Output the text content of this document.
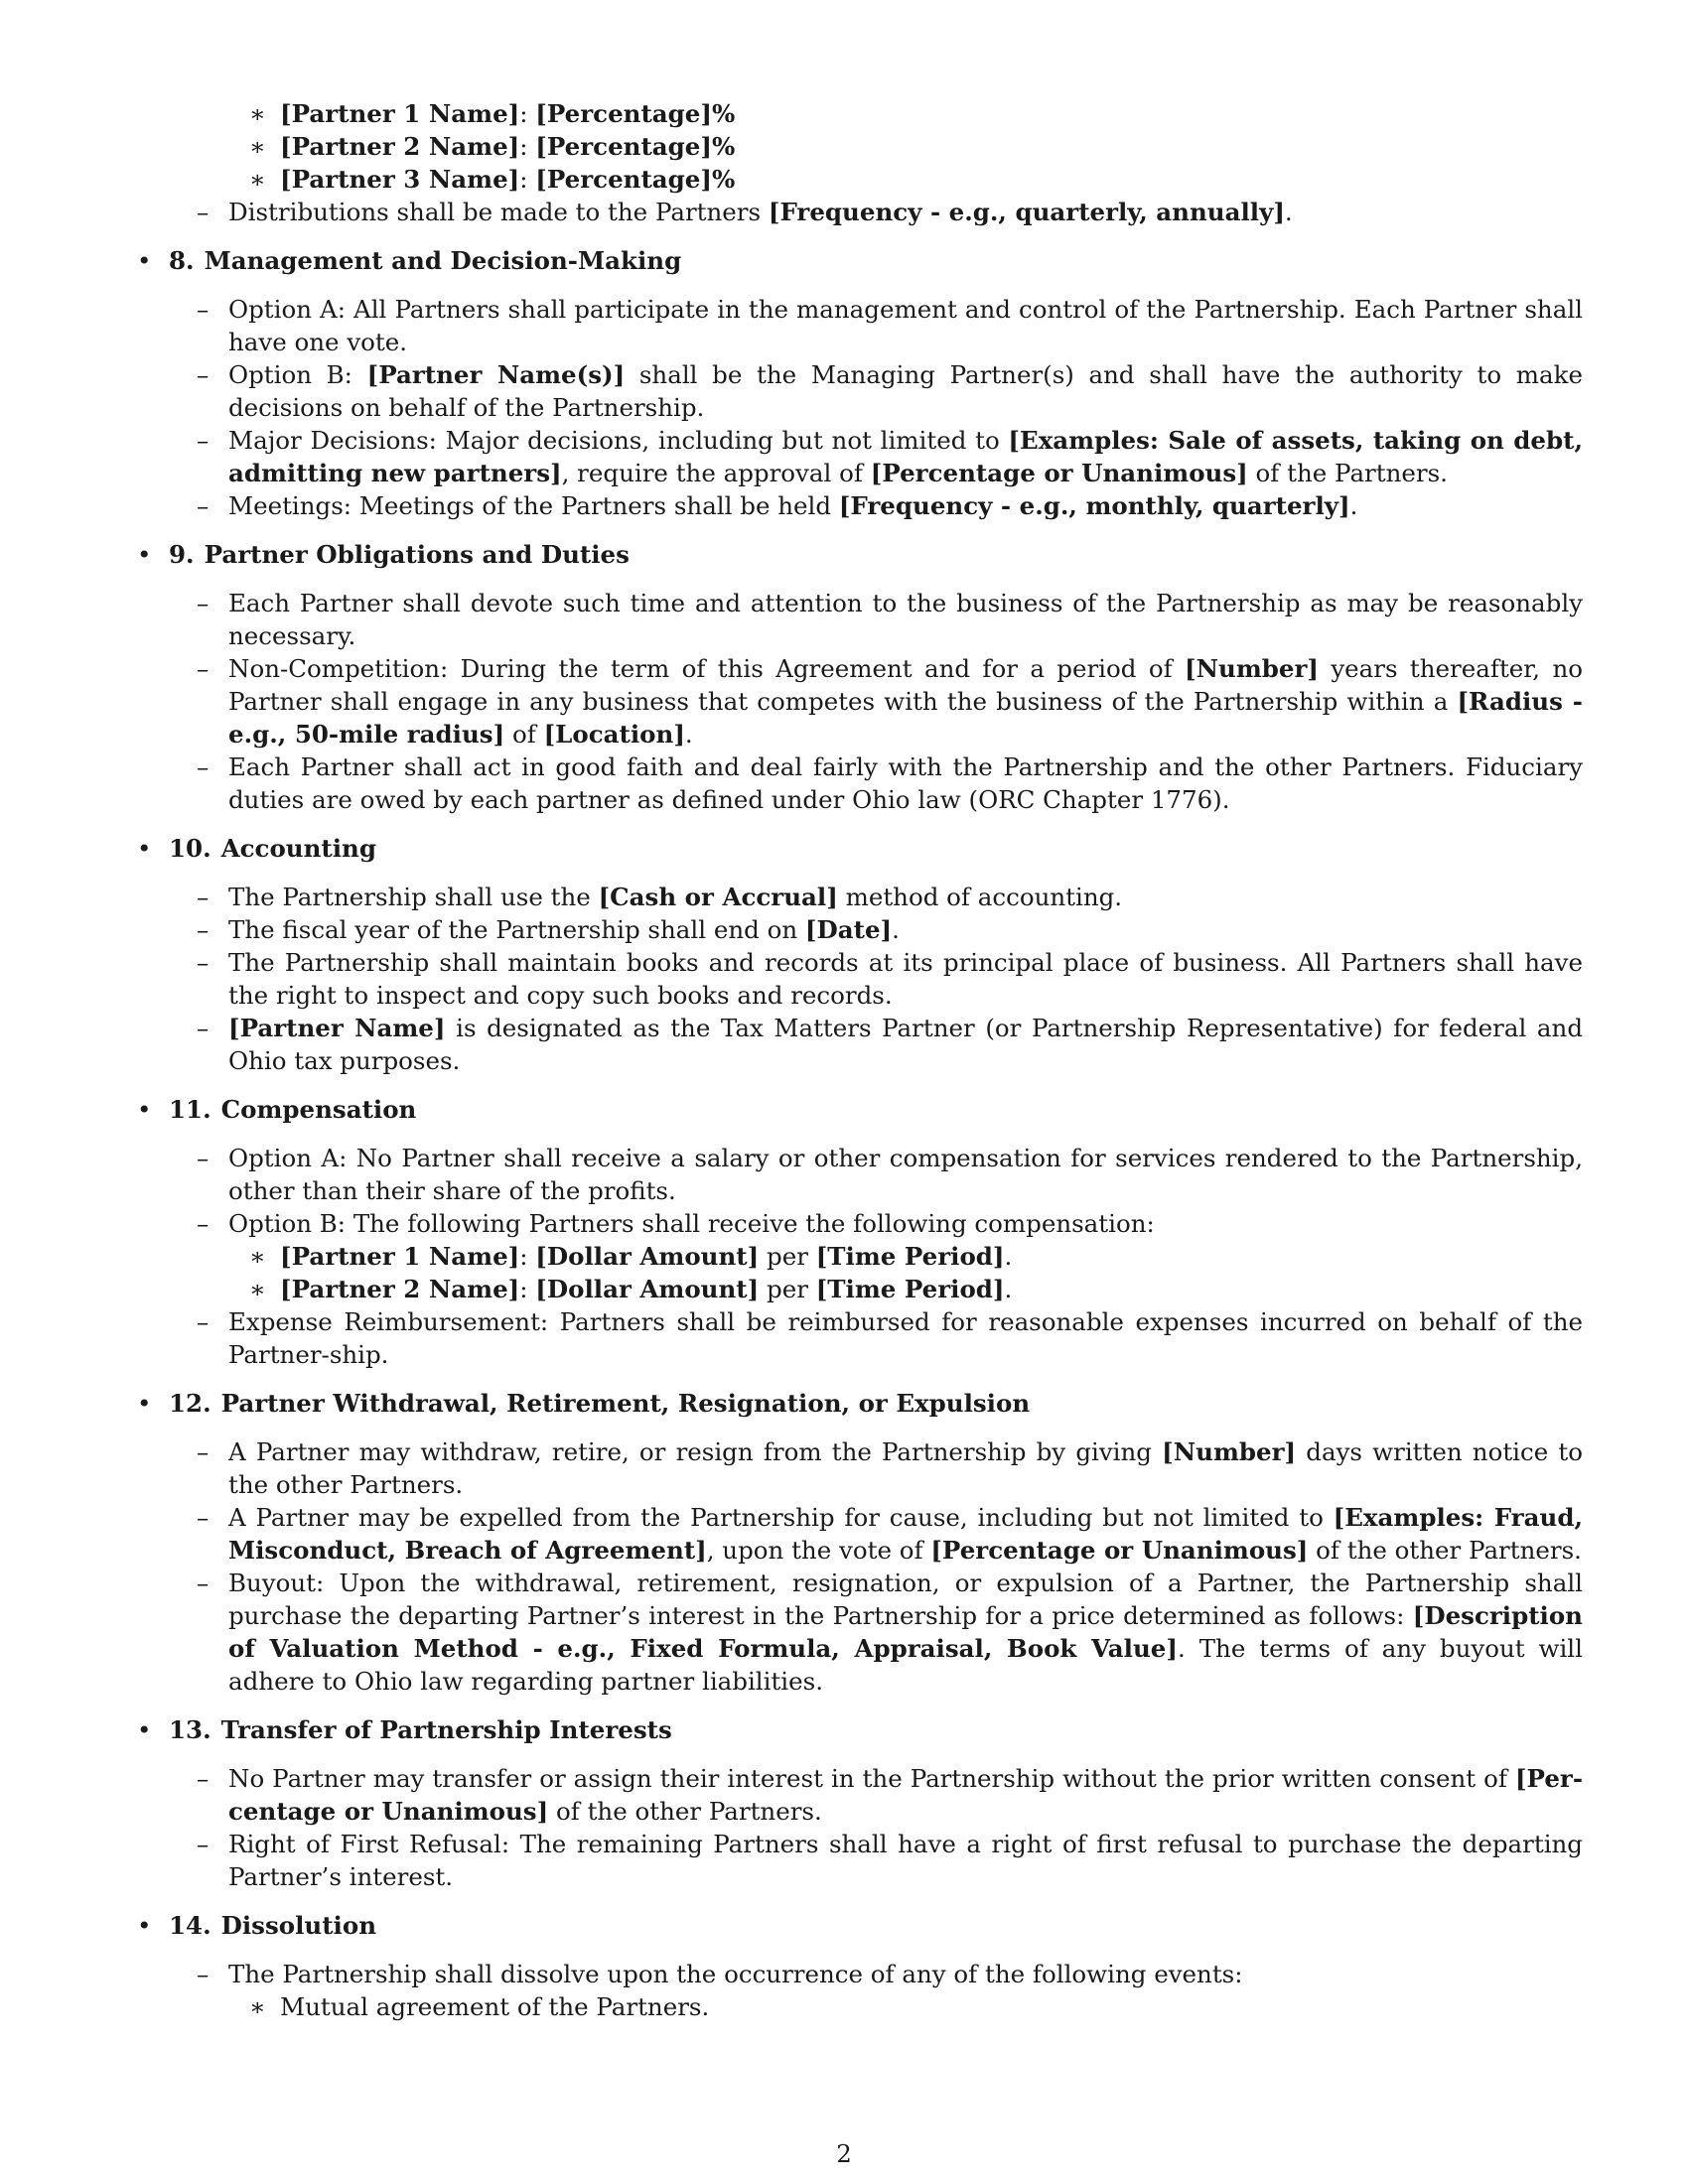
∗ [Partner 1 Name]: [Percentage]%
∗ [Partner 2 Name]: [Percentage]%
∗ [Partner 3 Name]: [Percentage]%
– Distributions shall be made to the Partners [Frequency - e.g., quarterly, annually].
• 8. Management and Decision-Making
– Option A: All Partners shall participate in the management and control of the Partnership. Each Partner shall have one vote.
– Option B: [Partner Name(s)] shall be the Managing Partner(s) and shall have the authority to make decisions on behalf of the Partnership.
– Major Decisions: Major decisions, including but not limited to [Examples: Sale of assets, taking on debt, admitting new partners], require the approval of [Percentage or Unanimous] of the Partners.
– Meetings: Meetings of the Partners shall be held [Frequency - e.g., monthly, quarterly].
• 9. Partner Obligations and Duties
– Each Partner shall devote such time and attention to the business of the Partnership as may be reasonably necessary.
– Non-Competition: During the term of this Agreement and for a period of [Number] years thereafter, no Partner shall engage in any business that competes with the business of the Partnership within a [Radius - e.g., 50-mile radius] of [Location].
– Each Partner shall act in good faith and deal fairly with the Partnership and the other Partners. Fiduciary duties are owed by each partner as defined under Ohio law (ORC Chapter 1776).
• 10. Accounting
– The Partnership shall use the [Cash or Accrual] method of accounting.
– The fiscal year of the Partnership shall end on [Date].
– The Partnership shall maintain books and records at its principal place of business. All Partners shall have the right to inspect and copy such books and records.
– [Partner Name] is designated as the Tax Matters Partner (or Partnership Representative) for federal and Ohio tax purposes.
• 11. Compensation
– Option A: No Partner shall receive a salary or other compensation for services rendered to the Partnership, other than their share of the profits.
– Option B: The following Partners shall receive the following compensation:
∗ [Partner 1 Name]: [Dollar Amount] per [Time Period].
∗ [Partner 2 Name]: [Dollar Amount] per [Time Period].
– Expense Reimbursement: Partners shall be reimbursed for reasonable expenses incurred on behalf of the Partner-ship.
• 12. Partner Withdrawal, Retirement, Resignation, or Expulsion
– A Partner may withdraw, retire, or resign from the Partnership by giving [Number] days written notice to the other Partners.
– A Partner may be expelled from the Partnership for cause, including but not limited to [Examples: Fraud, Misconduct, Breach of Agreement], upon the vote of [Percentage or Unanimous] of the other Partners.
– Buyout: Upon the withdrawal, retirement, resignation, or expulsion of a Partner, the Partnership shall purchase the departing Partner’s interest in the Partnership for a price determined as follows: [Description of Valuation Method - e.g., Fixed Formula, Appraisal, Book Value]. The terms of any buyout will adhere to Ohio law regarding partner liabilities.
• 13. Transfer of Partnership Interests
– No Partner may transfer or assign their interest in the Partnership without the prior written consent of [Per-centage or Unanimous] of the other Partners.
– Right of First Refusal: The remaining Partners shall have a right of first refusal to purchase the departing Partner’s interest.
• 14. Dissolution
– The Partnership shall dissolve upon the occurrence of any of the following events:
∗ Mutual agreement of the Partners.
2
